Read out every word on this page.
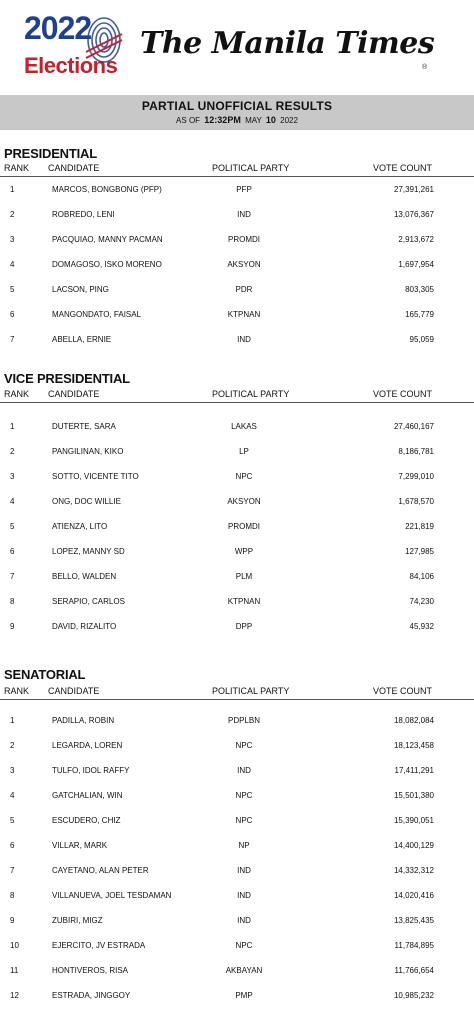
2022
Elections
The Manila Times
®
PARTIAL UNOFFICIAL RESULTS
AS OF 12:32PM MAY 10 2022
PRESIDENTIAL
RANK CANDIDATE	POLITICAL PARTY	VOTE COUNT
1	MARCOS, BONGBONG (PFP)	PFP	27,391,261
2	ROBREDO, LENI	IND	13,076,367
3	PACQUIAO, MANNY PACMAN	PROMDI	2,913,672
4	DOMAGOSO, ISKO MORENO	AKSYON	1,697,954
5	LACSON, PING	PDR	803,305
6	MANGONDATO, FAISAL	KTPNAN	165,779
7	ABELLA, ERNIE	IND	95,059
VICE PRESIDENTIAL
RANK CANDIDATE	POLITICAL PARTY	VOTE COUNT
1	DUTERTE, SARA	LAKAS	27,460,167
2	PANGILINAN, KIKO	LP	8,186,781
3	SOTTO, VICENTE TITO	NPC	7,299,010
4	ONG, DOC WILLIE	AKSYON	1,678,570
5	ATIENZA, LITO	PROMDI	221,819
6	LOPEZ, MANNY SD	WPP	127,985
7	BELLO, WALDEN	PLM	84,106
8	SERAPIO, CARLOS	KTPNAN	74,230
9	DAVID, RIZALITO	DPP	45,932
SENATORIAL
RANK CANDIDATE	POLITICAL PARTY	VOTE COUNT
1	PADILLA, ROBIN	PDPLBN	18,082,084
2	LEGARDA, LOREN	NPC	18,123,458
3	TULFO, IDOL RAFFY	IND	17,411,291
4	GATCHALIAN, WIN	NPC	15,501,380
5	ESCUDERO, CHIZ	NPC	15,390,051
6	VILLAR, MARK	NP	14,400,129
7	CAYETANO, ALAN PETER	IND	14,332,312
8	VILLANUEVA, JOEL TESDAMAN	IND	14,020,416
9	ZUBIRI, MIGZ	IND	13,825,435
10	EJERCITO, JV ESTRADA	NPC	11,784,895
11	HONTIVEROS, RISA	AKBAYAN	11,766,654
12	ESTRADA, JINGGOY	PMP	10,985,232
